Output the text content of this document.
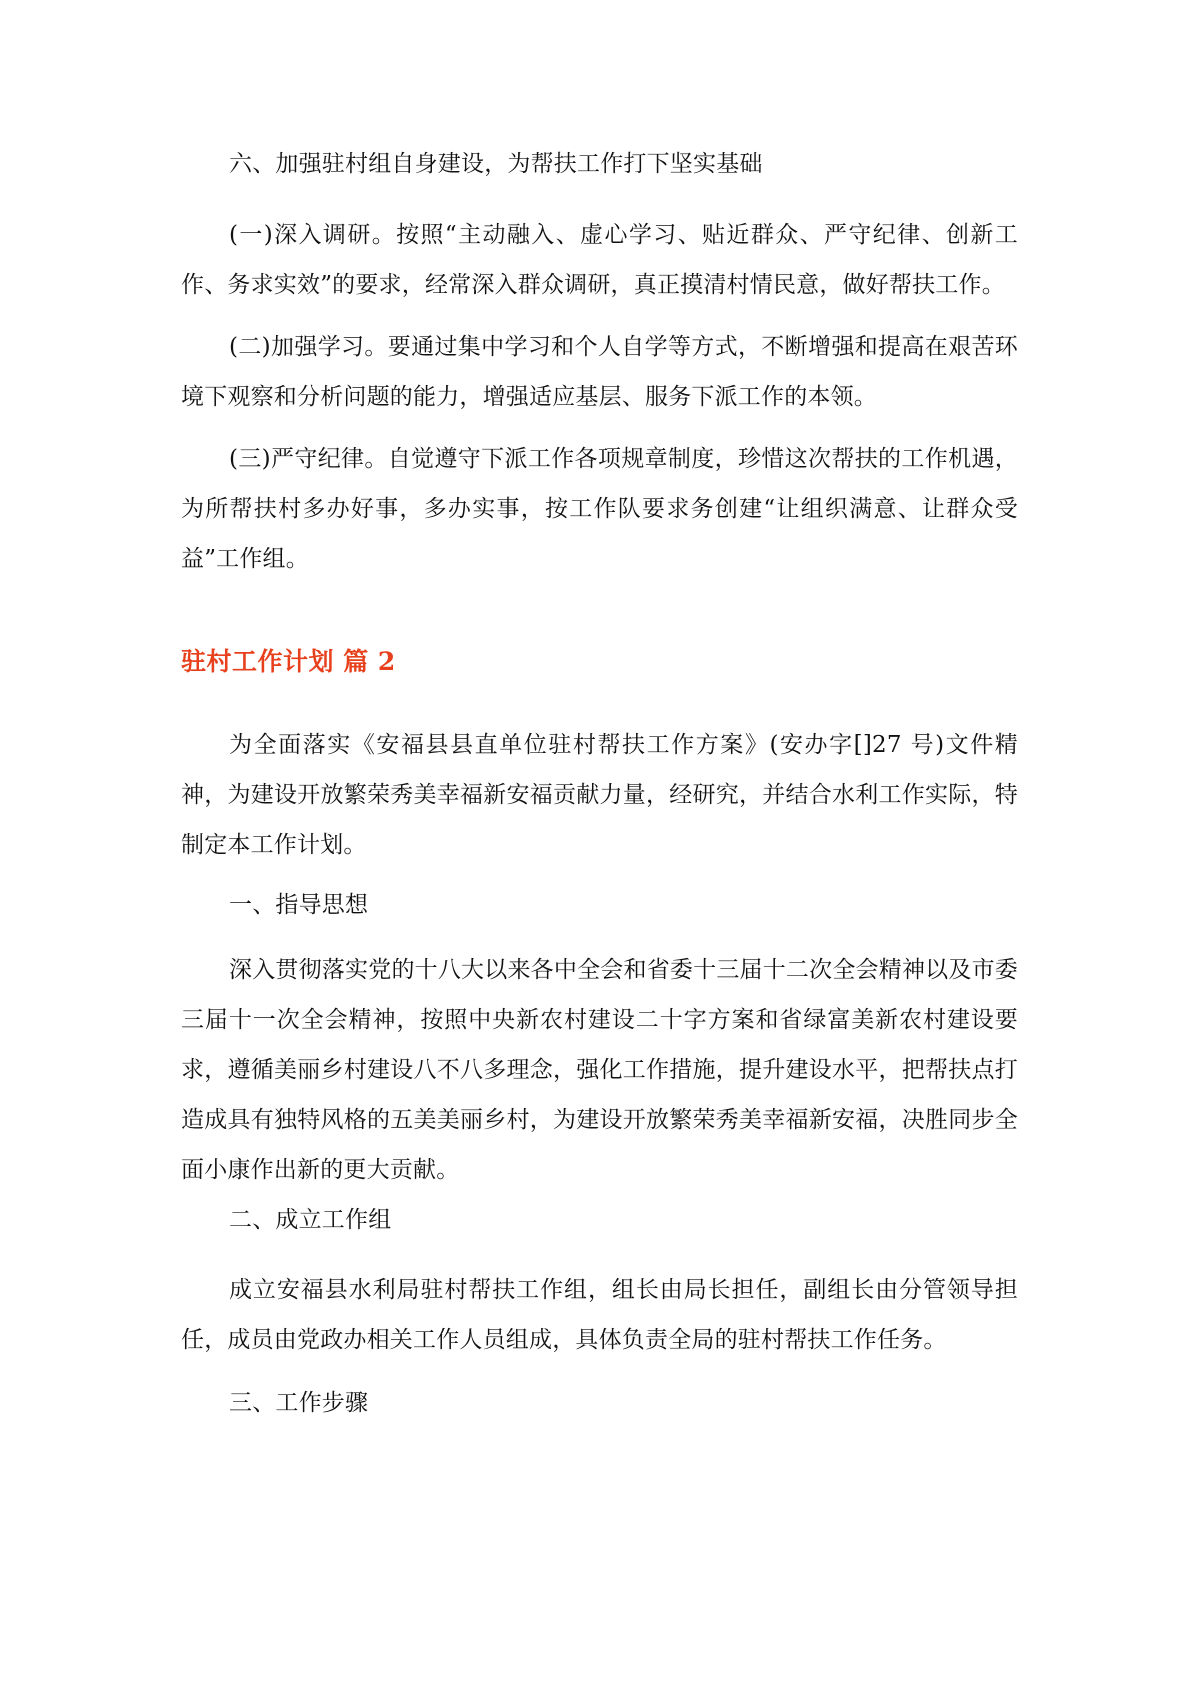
六、加强驻村组自身建设，为帮扶工作打下坚实基础

(一)深入调研。按照“主动融入、虚心学习、贴近群众、严守纪律、创新工作、务求实效”的要求，经常深入群众调研，真正摸清村情民意，做好帮扶工作。

(二)加强学习。要通过集中学习和个人自学等方式，不断增强和提高在艰苦环境下观察和分析问题的能力，增强适应基层、服务下派工作的本领。

(三)严守纪律。自觉遵守下派工作各项规章制度，珍惜这次帮扶的工作机遇，为所帮扶村多办好事，多办实事，按工作队要求务创建“让组织满意、让群众受益”工作组。

驻村工作计划 篇 2

为全面落实《安福县县直单位驻村帮扶工作方案》(安办字[]27 号)文件精神，为建设开放繁荣秀美幸福新安福贡献力量，经研究，并结合水利工作实际，特制定本工作计划。

一、指导思想

深入贯彻落实党的十八大以来各中全会和省委十三届十二次全会精神以及市委三届十一次全会精神，按照中央新农村建设二十字方案和省绿富美新农村建设要求，遵循美丽乡村建设八不八多理念，强化工作措施，提升建设水平，把帮扶点打造成具有独特风格的五美美丽乡村，为建设开放繁荣秀美幸福新安福，决胜同步全面小康作出新的更大贡献。

二、成立工作组

成立安福县水利局驻村帮扶工作组，组长由局长担任，副组长由分管领导担任，成员由党政办相关工作人员组成，具体负责全局的驻村帮扶工作任务。

三、工作步骤
